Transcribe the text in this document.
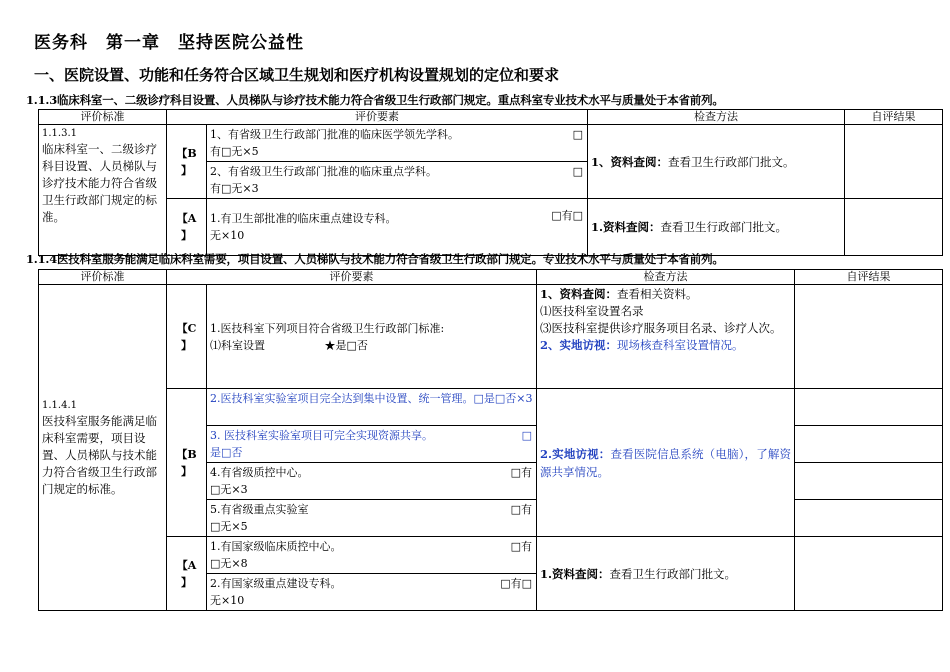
医务科　第一章　坚持医院公益性
一、医院设置、功能和任务符合区域卫生规划和医疗机构设置规划的定位和要求
1.1.3临床科室一、二级诊疗科目设置、人员梯队与诊疗技术能力符合省级卫生行政部门规定。重点科室专业技术水平与质量处于本省前列。
评价标准	评价要素		检查方法	自评结果

1.1.3.1
临床科室一、二级诊疗科目设置、人员梯队与诊疗技术能力符合省级卫生行政部门规定的标准。	【B
】	1、有省级卫生行政部门批准的临床医学领先学科。 □

有□无×5	1、资料查阅：查看卫生行政部门批文。	
		2、有省级卫生行政部门批准的临床重点学科。 □

有□无×3		
	【A
】	1.有卫生部批准的临床重点建设专科。 □有□

无×10	1.资料查阅：查看卫生行政部门批文。	
1.1.4医技科室服务能满足临床科室需要，项目设置、人员梯队与技术能力符合省级卫生行政部门规定。专业技术水平与质量处于本省前列。
评价标准	评价要素		检查方法	自评结果

1.1.4.1
医技科室服务能满足临床科室需要，项目设置、人员梯队与技术能力符合省级卫生行政部门规定的标准。	【C
】	1.医技科室下列项目符合省级卫生行政部门标准:
⑴科室设置 ★是□否	1、资料查阅：查看相关资料。
⑴医技科室设置名录
⑶医技科室提供诊疗服务项目名录、诊疗人次。
2、实地访视：现场核查科室设置情况。	
	【B
】	2.医技科室实验室项目完全达到集中设置、统一管理。□是□否×3	2.实地访视：查看医院信息系统（电脑），了解资源共享情况。	
		3. 医技科室实验室项目可完全实现资源共享。 □

是□否		
		4.有省级质控中心。 □有

□无×3		
		5.有省级重点实验室 □有

□无×5		
	【A
】	1.有国家级临床质控中心。 □有

□无×8	1.资料查阅：查看卫生行政部门批文。	
		2.有国家级重点建设专科。 □有□

无×10		
